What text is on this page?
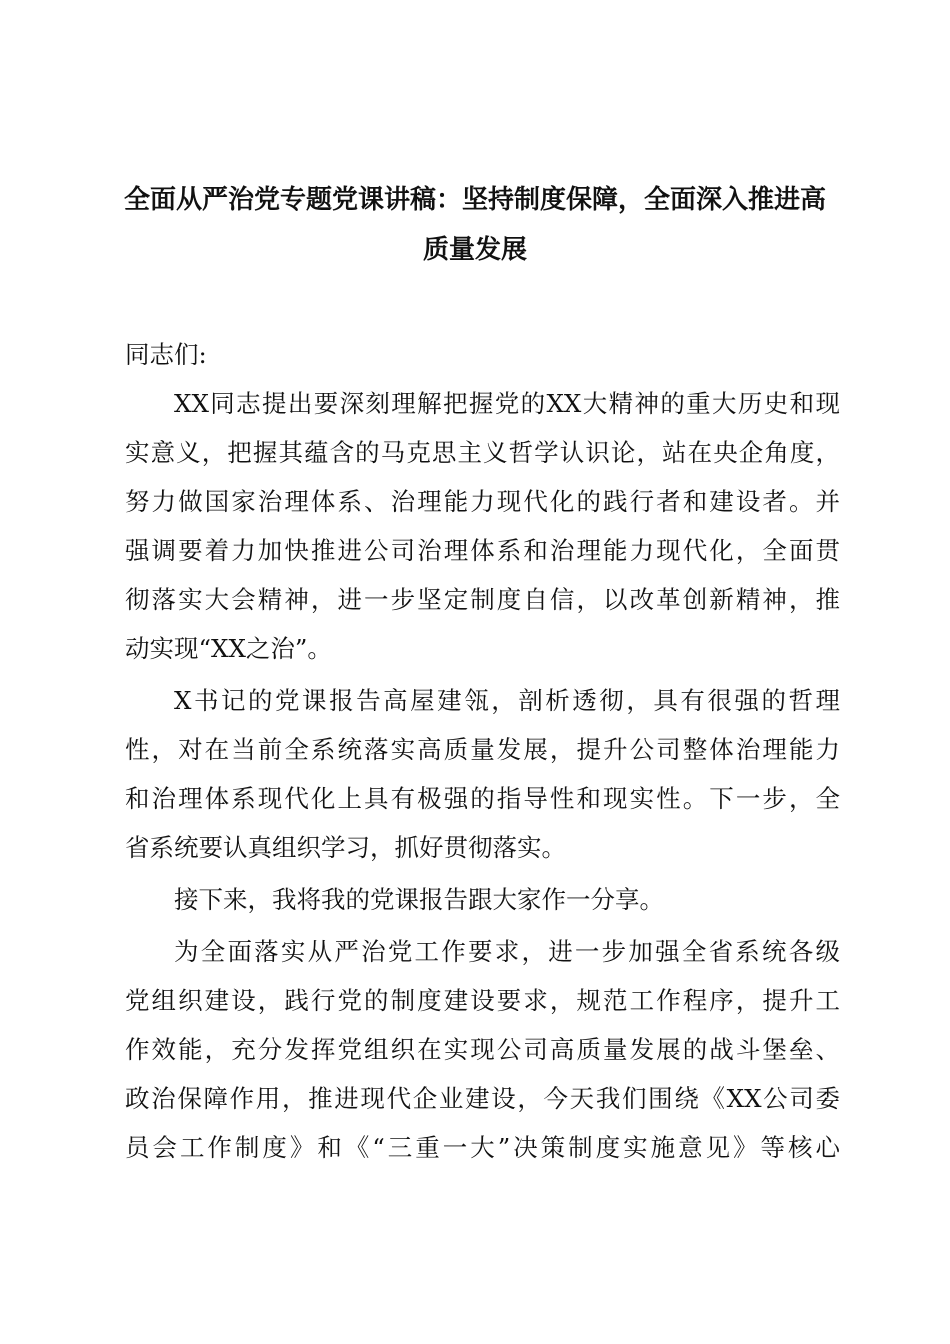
全面从严治党专题党课讲稿：坚持制度保障，全面深入推进高
质量发展
同志们:
XX同志提出要深刻理解把握党的XX大精神的重大历史和现
实意义，把握其蕴含的马克思主义哲学认识论，站在央企角度，
努力做国家治理体系、治理能力现代化的践行者和建设者。并
强调要着力加快推进公司治理体系和治理能力现代化，全面贯
彻落实大会精神，进一步坚定制度自信，以改革创新精神，推
动实现“XX之治”。
X书记的党课报告高屋建瓴，剖析透彻，具有很强的哲理
性，对在当前全系统落实高质量发展，提升公司整体治理能力
和治理体系现代化上具有极强的指导性和现实性。下一步，全
省系统要认真组织学习，抓好贯彻落实。
接下来，我将我的党课报告跟大家作一分享。
为全面落实从严治党工作要求，进一步加强全省系统各级
党组织建设，践行党的制度建设要求，规范工作程序，提升工
作效能，充分发挥党组织在实现公司高质量发展的战斗堡垒、
政治保障作用，推进现代企业建设，今天我们围绕《XX公司委
员会工作制度》和《“三重一大”决策制度实施意见》等核心
